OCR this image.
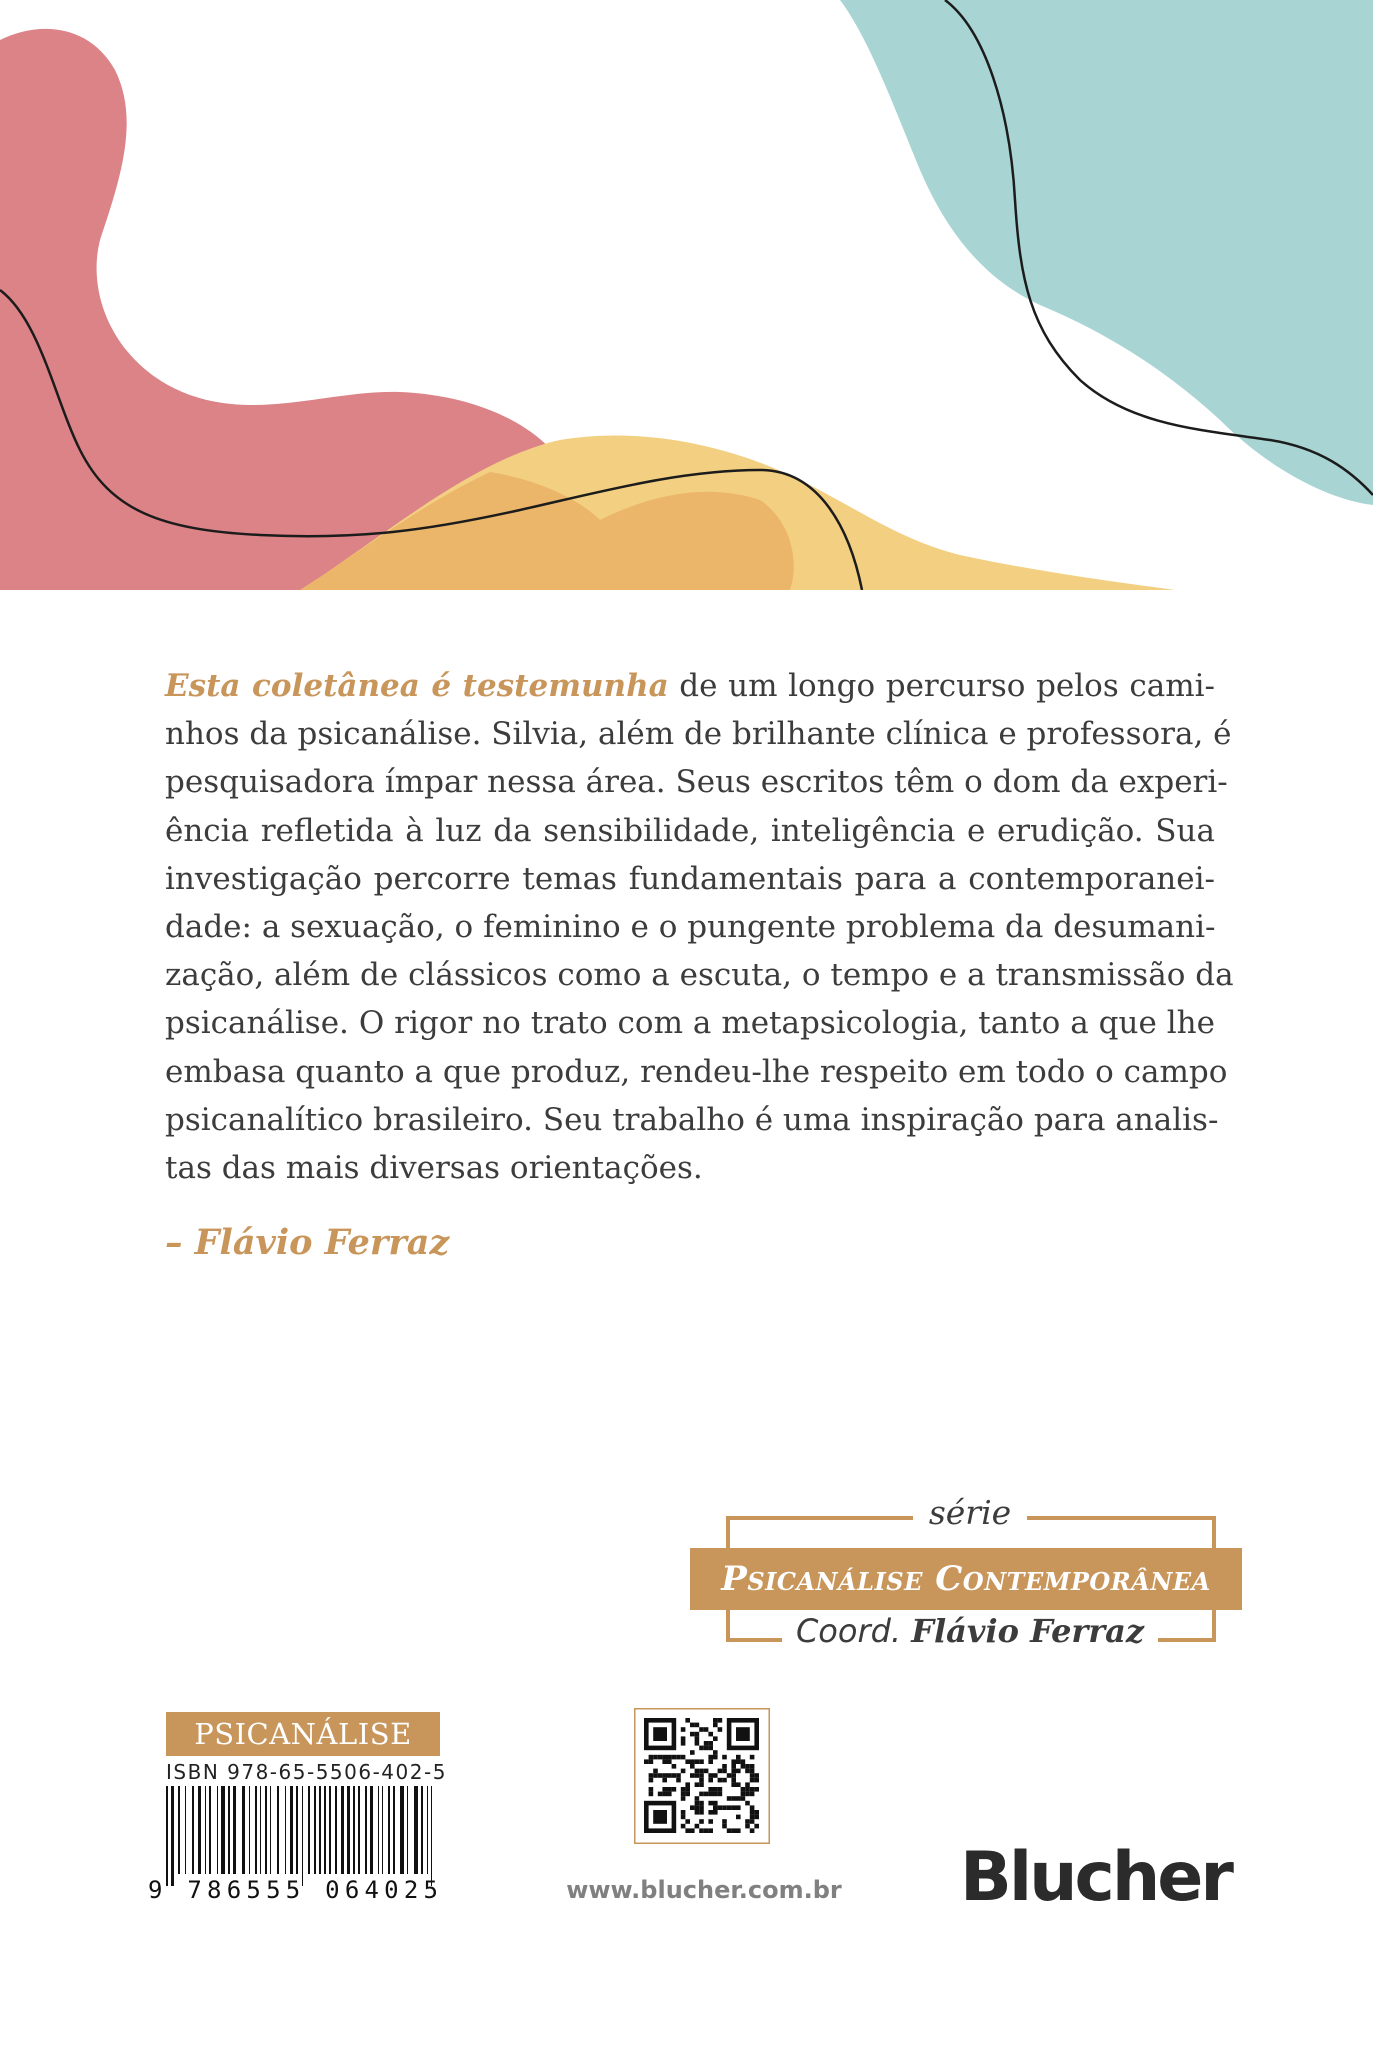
Esta coletânea é testemunha de um longo percurso pelos cami-
nhos da psicanálise. Silvia, além de brilhante clínica e professora, é
pesquisadora ímpar nessa área. Seus escritos têm o dom da experi-
ência refletida à luz da sensibilidade, inteligência e erudição. Sua
investigação percorre temas fundamentais para a contemporanei-
dade: a sexuação, o feminino e o pungente problema da desumani-
zação, além de clássicos como a escuta, o tempo e a transmissão da
psicanálise. O rigor no trato com a metapsicologia, tanto a que lhe
embasa quanto a que produz, rendeu-lhe respeito em todo o campo
psicanalítico brasileiro. Seu trabalho é uma inspiração para analis-
tas das mais diversas orientações.

– Flávio Ferraz

série
Psicanálise Contemporânea
Coord. Flávio Ferraz
PSICANÁLISE
ISBN 978-65-5506-402-5
9 786555 064025	www.blucher.com.br Blucher
